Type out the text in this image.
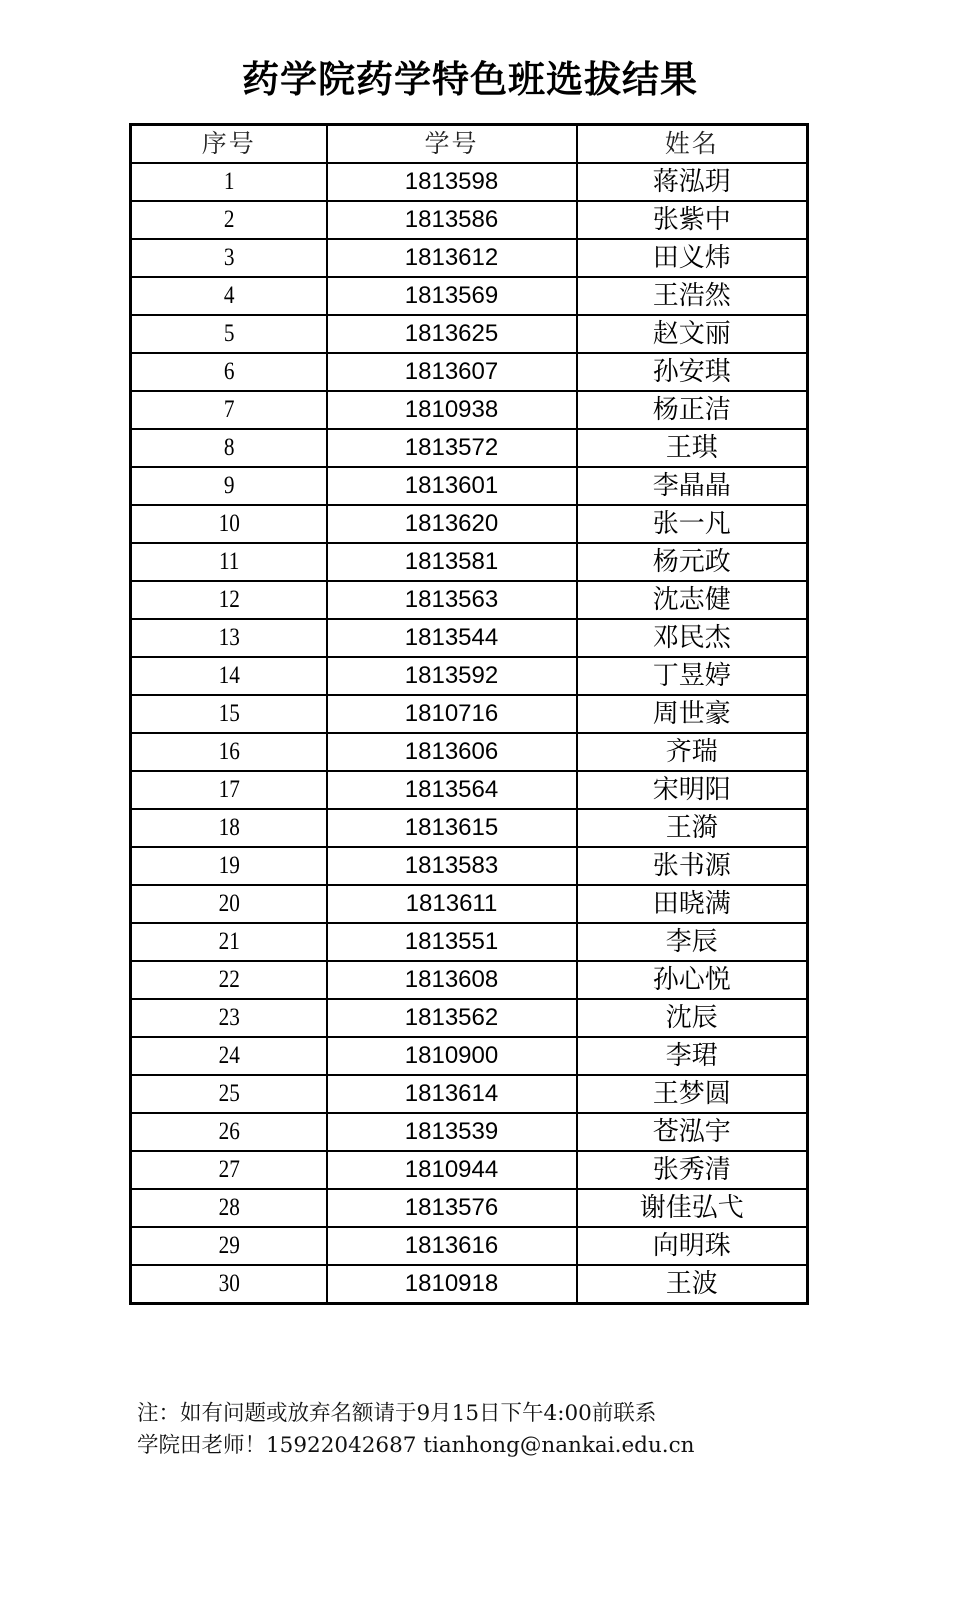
药学院药学特色班选拔结果
序号	学号	姓名
1	1813598	蒋泓玥
2	1813586	张紫中
3	1813612	田义炜
4	1813569	王浩然
5	1813625	赵文丽
6	1813607	孙安琪
7	1810938	杨正洁
8	1813572	王琪
9	1813601	李晶晶
10	1813620	张一凡
11	1813581	杨元政
12	1813563	沈志健
13	1813544	邓民杰
14	1813592	丁昱婷
15	1810716	周世豪
16	1813606	齐瑞
17	1813564	宋明阳
18	1813615	王漪
19	1813583	张书源
20	1813611	田晓满
21	1813551	李辰
22	1813608	孙心悦
23	1813562	沈辰
24	1810900	李珺
25	1813614	王梦圆
26	1813539	苍泓宇
27	1810944	张秀清
28	1813576	谢佳弘弋
29	1813616	向明珠
30	1810918	王波
注：如有问题或放弃名额请于9月15日下午4:00前联系
学院田老师！15922042687 tianhong@nankai.edu.cn
